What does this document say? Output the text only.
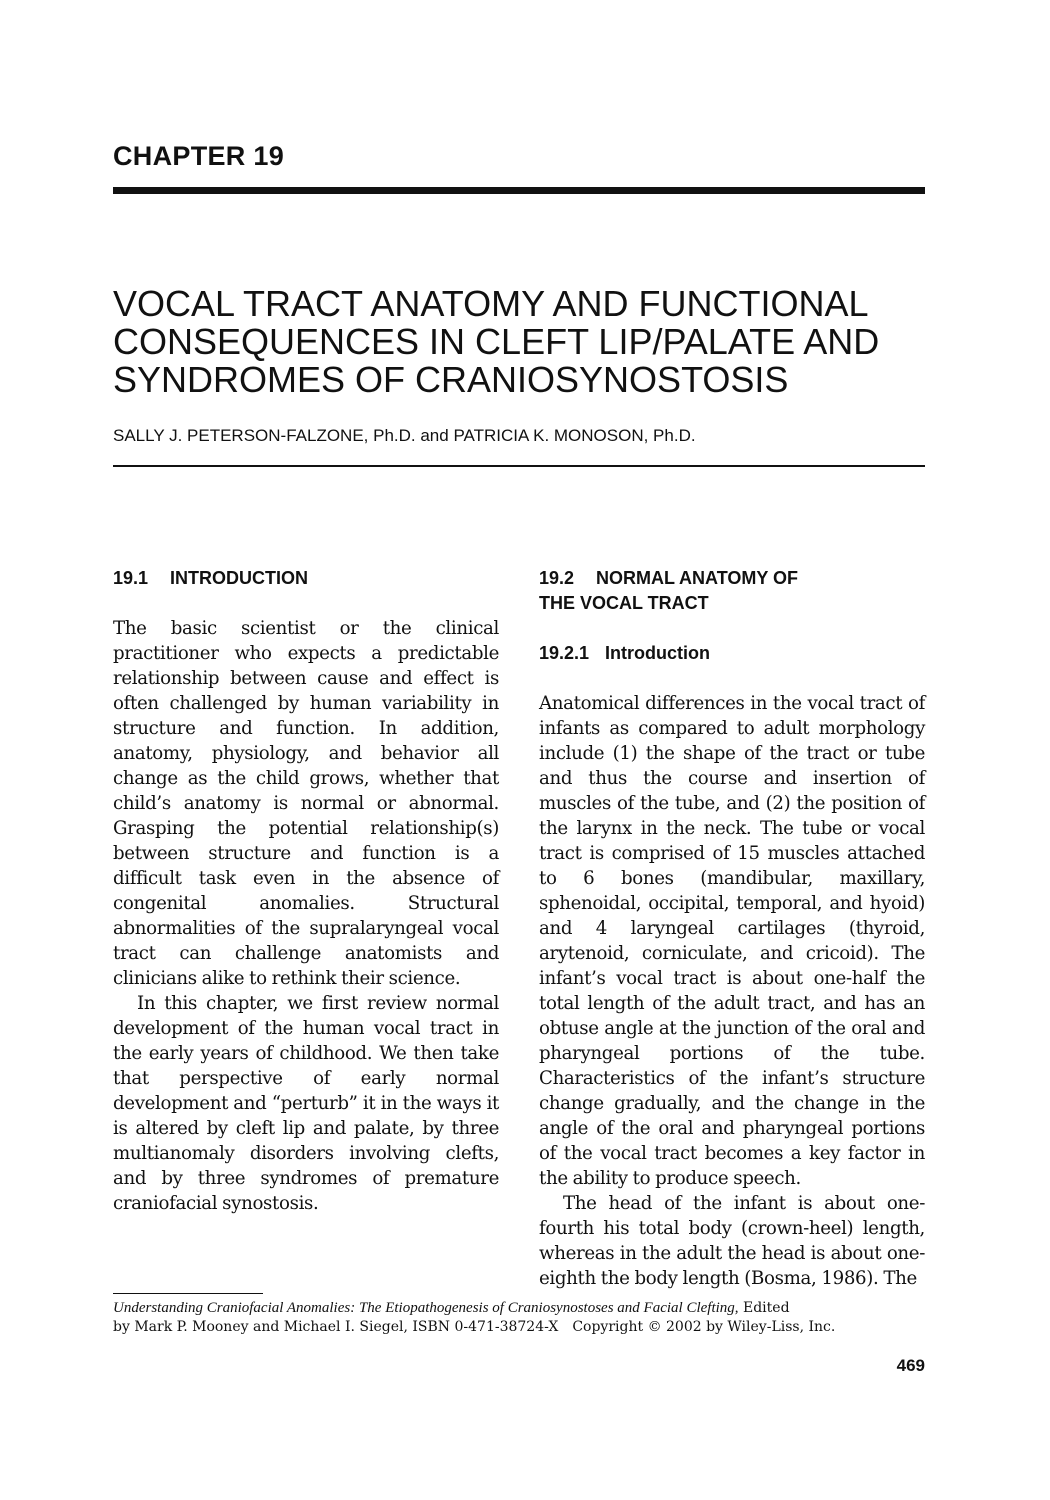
CHAPTER 19
VOCAL TRACT ANATOMY AND FUNCTIONAL
CONSEQUENCES IN CLEFT LIP/PALATE AND
SYNDROMES OF CRANIOSYNOSTOSIS
SALLY J. PETERSON-FALZONE, Ph.D. and PATRICIA K. MONOSON, Ph.D.
19.1 INTRODUCTION

The basic scientist or the clinical practitioner who expects a predictable relationship between cause and effect is often challenged by human variability in structure and function. In addition, anatomy, physiology, and behavior all change as the child grows, whether that child’s anatomy is normal or abnormal. Grasping the potential relationship(s) between structure and function is a difficult task even in the absence of congenital anomalies. Structural abnormalities of the supralaryngeal vocal tract can challenge anatomists and clinicians alike to rethink their science.

In this chapter, we first review normal development of the human vocal tract in the early years of childhood. We then take that perspective of early normal development and “perturb” it in the ways it is altered by cleft lip and palate, by three multianomaly disorders involving clefts, and by three syndromes of premature craniofacial synostosis.

19.2 NORMAL ANATOMY OF
THE VOCAL TRACT
19.2.1 Introduction

Anatomical differences in the vocal tract of infants as compared to adult morphology include (1) the shape of the tract or tube and thus the course and insertion of muscles of the tube, and (2) the position of the larynx in the neck. The tube or vocal tract is comprised of 15 muscles attached to 6 bones (mandibular, maxillary, sphenoidal, occipital, temporal, and hyoid) and 4 laryngeal cartilages (thyroid, arytenoid, corniculate, and cricoid). The infant’s vocal tract is about one-half the total length of the adult tract, and has an obtuse angle at the junction of the oral and pharyngeal portions of the tube. Characteristics of the infant’s structure change gradually, and the change in the angle of the oral and pharyngeal portions of the vocal tract becomes a key factor in the ability to produce speech.

The head of the infant is about one-fourth his total body (crown-heel) length, whereas in the adult the head is about one-eighth the body length (Bosma, 1986). The

Understanding Craniofacial Anomalies: The Etiopathogenesis of Craniosynostoses and Facial Clefting, Edited
by Mark P. Mooney and Michael I. Siegel, ISBN 0-471-38724-X Copyright © 2002 by Wiley-Liss, Inc.
469
